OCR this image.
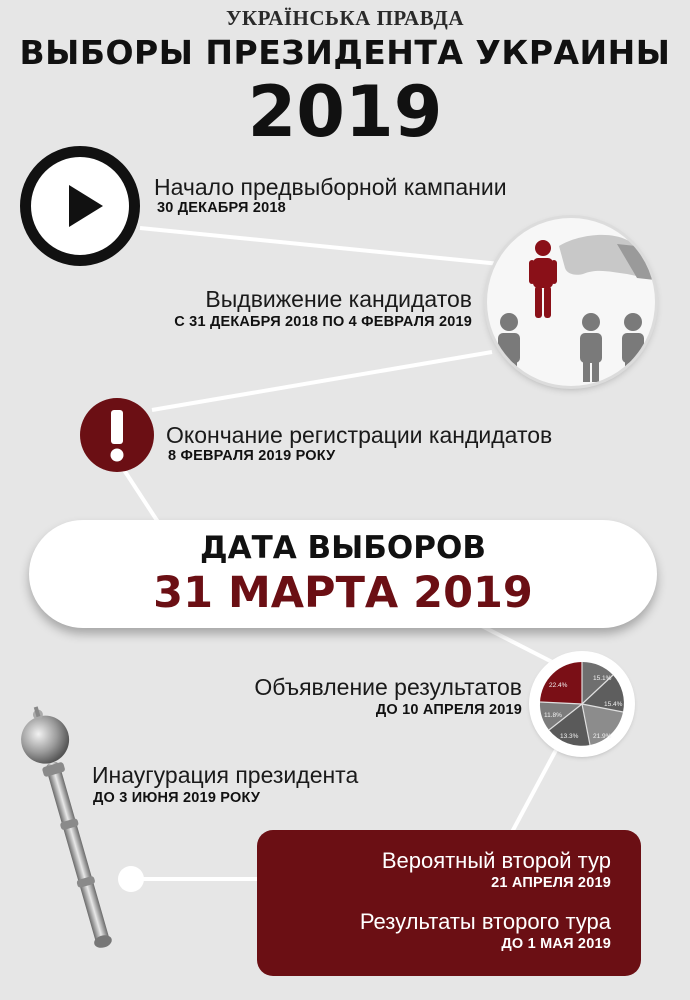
УКРАЇНСЬКА ПРАВДА
ВЫБОРЫ ПРЕЗИДЕНТА УКРАИНЫ
2019
Начало предвыборной кампании
30 ДЕКАБРЯ 2018
Выдвижение кандидатов
С 31 ДЕКАБРЯ 2018 ПО 4 ФЕВРАЛЯ 2019
Окончание регистрации кандидатов
8 ФЕВРАЛЯ 2019 РОКУ
ДАТА ВЫБОРОВ
31 МАРТА 2019
Объявление результатов
ДО 10 АПРЕЛЯ 2019
22.4%
15.1%
15.4%
21.9%
13.3%
11.8%
Инаугурация президента
ДО 3 ИЮНЯ 2019 РОКУ
Вероятный второй тур
21 АПРЕЛЯ 2019
Результаты второго тура
ДО 1 МАЯ 2019
